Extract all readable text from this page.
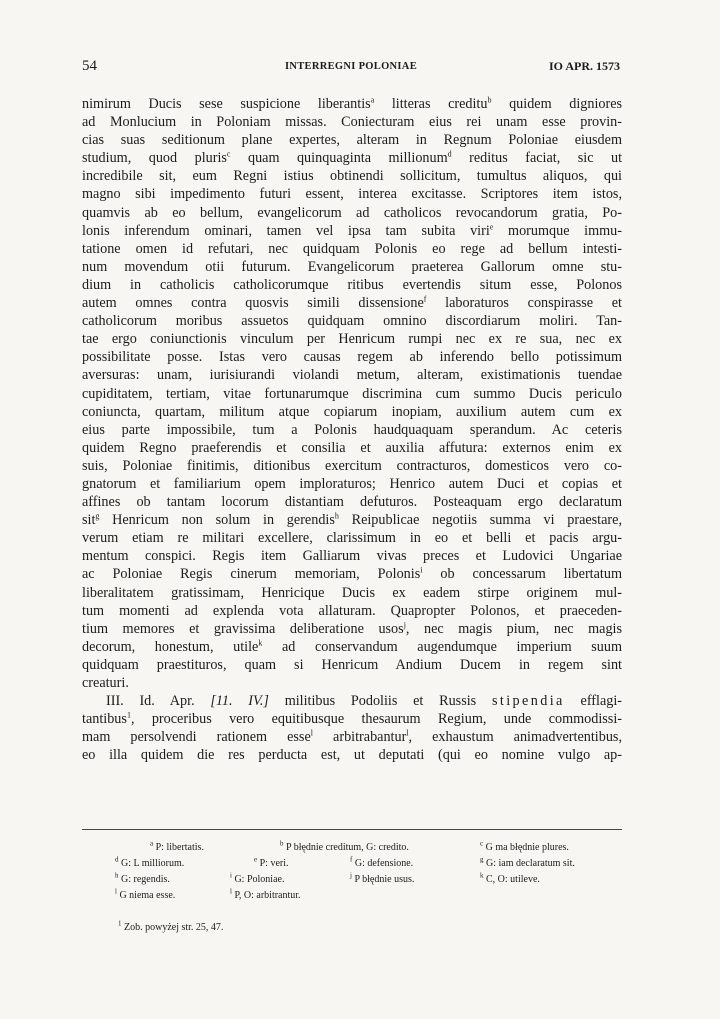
54	INTERREGNI POLONIAE	IO APR. 1573
nimirum Ducis sese suspicione liberantis$^a$ litteras creditu$^b$ quidem digniores
ad Monlucium in Poloniam missas. Coniecturam eius rei unam esse provin-
cias suas seditionum plane expertes, alteram in Regnum Poloniae eiusdem
studium, quod pluris$^c$ quam quinquaginta millionum$^d$ reditus faciat, sic ut
incredibile sit, eum Regni istius obtinendi sollicitum, tumultus aliquos, qui
magno sibi impedimento futuri essent, interea excitasse. Scriptores item istos,
quamvis ab eo bellum, evangelicorum ad catholicos revocandorum gratia, Po-
lonis inferendum ominari, tamen vel ipsa tam subita viri$^e$ morumque immu-
tatione omen id refutari, nec quidquam Polonis eo rege ad bellum intesti-
num movendum otii futurum. Evangelicorum praeterea Gallorum omne stu-
dium in catholicis catholicorumque ritibus evertendis situm esse, Polonos
autem omnes contra quosvis simili dissensione$^f$ laboraturos conspirasse et
catholicorum moribus assuetos quidquam omnino discordiarum moliri. Tan-
tae ergo coniunctionis vinculum per Henricum rumpi nec ex re sua, nec ex
possibilitate posse. Istas vero causas regem ab inferendo bello potissimum
aversuras: unam, iurisiurandi violandi metum, alteram, existimationis tuendae
cupiditatem, tertiam, vitae fortunarumque discrimina cum summo Ducis periculo
coniuncta, quartam, militum atque copiarum inopiam, auxilium autem cum ex
eius parte impossibile, tum a Polonis haudquaquam sperandum. Ac ceteris
quidem Regno praeferendis et consilia et auxilia affutura: externos enim ex
suis, Poloniae finitimis, ditionibus exercitum contracturos, domesticos vero co-
gnatorum et familiarium opem imploraturos; Henrico autem Duci et copias et
affines ob tantam locorum distantiam defuturos. Posteaquam ergo declaratum
sit$^g$ Henricum non solum in gerendis$^h$ Reipublicae negotiis summa vi praestare,
verum etiam re militari excellere, clarissimum in eo et belli et pacis argu-
mentum conspici. Regis item Galliarum vivas preces et Ludovici Ungariae
ac Poloniae Regis cinerum memoriam, Polonis$^i$ ob concessarum libertatum
liberalitatem gratissimam, Henricique Ducis ex eadem stirpe originem mul-
tum momenti ad explenda vota allaturam. Quapropter Polonos, et praeceden-
tium memores et gravissima deliberatione usos$^j$, nec magis pium, nec magis
decorum, honestum, utile$^k$ ad conservandum augendumque imperium suum
quidquam praestituros, quam si Henricum Andium Ducem in regem sint
creaturi.
III. Id. Apr. [11. IV.] militibus Podoliis et Russis stipendia efflagi-
tantibus$^1$, proceribus vero equitibusque thesaurum Regium, unde commodissi-
mam persolvendi rationem esse$^l$ arbitrabantur$^l$, exhaustum animadvertentibus,
eo illa quidem die res perducta est, ut deputati (qui eo nomine vulgo ap-
$^a$ P: libertatis.	$^b$ P błędnie creditum, G: credito.	$^c$ G ma błędnie plures.
$^d$ G: L milliorum.	$^e$ P: veri.	$^f$ G: defensione.	$^g$ G: iam declaratum sit.
$^h$ G: regendis.	$^i$ G: Poloniae.	$^j$ P błędnie usus.	$^k$ C, O: utileve.
$^l$ G niema esse.	$^l$ P, O: arbitrantur.
$^1$ Zob. powyżej str. 25, 47.
